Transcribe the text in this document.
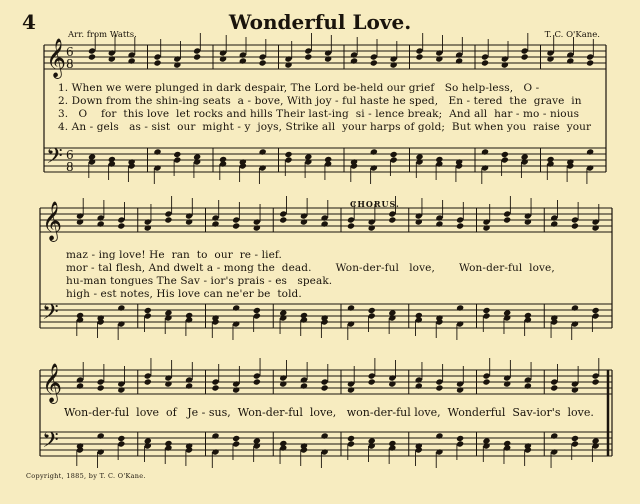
4	Wonderful Love.
Arr. from Watts.	T. C. O'Kane.
𝄞
𝄢
6
8
6
8
𝄞
𝄢
𝄞
𝄢
1. When we were plunged in dark despair, The Lord be-held our grief   So help-less,   O -
2. Down from the shin-ing seats  a - bove, With joy - ful haste he sped,   En - tered  the  grave  in
3.   O    for  this love  let rocks and hills Their last-ing  si - lence break;  And all  har - mo - nious
4. An - gels   as - sist  our  might - y  joys, Strike all  your harps of gold;  But when you  raise  your
CHORUS.
maz - ing love! He  ran  to  our  re - lief.
mor - tal flesh, And dwelt a - mong the  dead.       Won-der-ful   love,       Won-der-ful  love,
hu-man tongues The Sav - ior's prais - es   speak.
high - est notes, His love can ne'er be  told.
Won-der-ful  love  of   Je - sus,  Won-der-ful  love,   won-der-ful love,  Wonderful  Sav-ior's  love.
Copyright, 1885, by T. C. O'Kane.
